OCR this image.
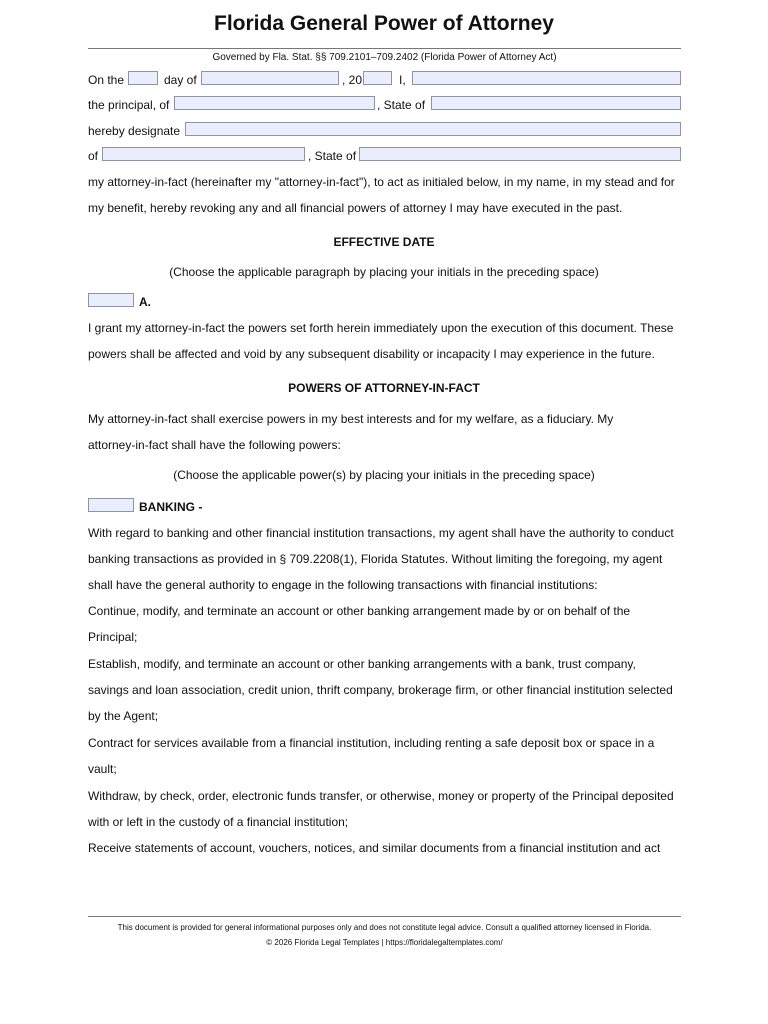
Florida General Power of Attorney
Governed by Fla. Stat. §§ 709.2101–709.2402 (Florida Power of Attorney Act)
On the	day of	, 20	I,
the principal, of	, State of
hereby designate
of	, State of
my attorney-in-fact (hereinafter my "attorney-in-fact"), to act as initialed below, in my name, in my stead and for
my benefit, hereby revoking any and all financial powers of attorney I may have executed in the past.
EFFECTIVE DATE
(Choose the applicable paragraph by placing your initials in the preceding space)
A.
I grant my attorney-in-fact the powers set forth herein immediately upon the execution of this document. These
powers shall be affected and void by any subsequent disability or incapacity I may experience in the future.
POWERS OF ATTORNEY-IN-FACT
My attorney-in-fact shall exercise powers in my best interests and for my welfare, as a fiduciary. My
attorney-in-fact shall have the following powers:
(Choose the applicable power(s) by placing your initials in the preceding space)
BANKING -
With regard to banking and other financial institution transactions, my agent shall have the authority to conduct
banking transactions as provided in § 709.2208(1), Florida Statutes. Without limiting the foregoing, my agent
shall have the general authority to engage in the following transactions with financial institutions:
Continue, modify, and terminate an account or other banking arrangement made by or on behalf of the
Principal;
Establish, modify, and terminate an account or other banking arrangements with a bank, trust company,
savings and loan association, credit union, thrift company, brokerage firm, or other financial institution selected
by the Agent;
Contract for services available from a financial institution, including renting a safe deposit box or space in a
vault;
Withdraw, by check, order, electronic funds transfer, or otherwise, money or property of the Principal deposited
with or left in the custody of a financial institution;
Receive statements of account, vouchers, notices, and similar documents from a financial institution and act
This document is provided for general informational purposes only and does not constitute legal advice. Consult a qualified attorney licensed in Florida.
© 2026 Florida Legal Templates | https://floridalegaltemplates.com/
